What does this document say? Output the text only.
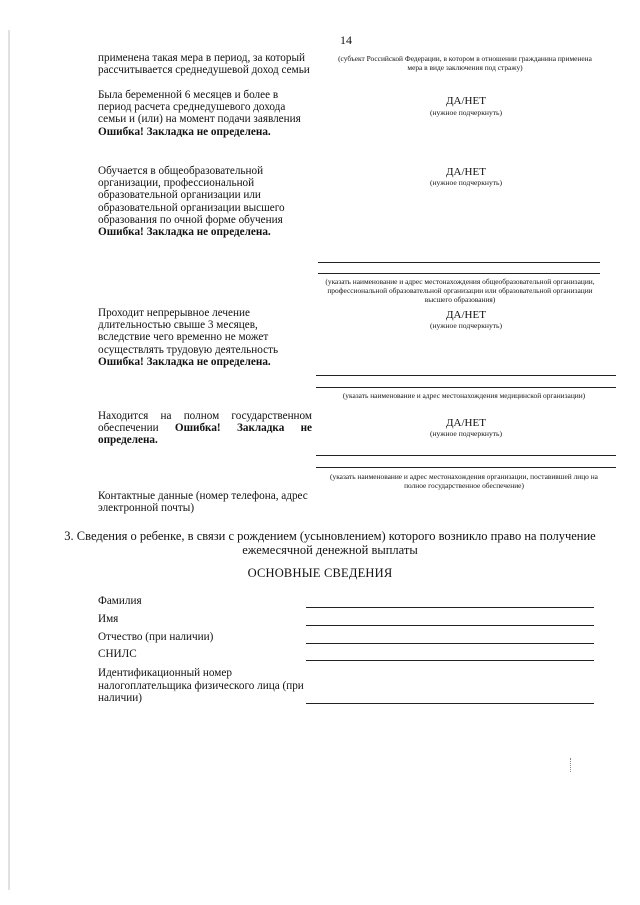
14
применена такая мера в период, за который рассчитывается среднедушевой доход семьи
(субъект Российской Федерации, в котором в отношении гражданина применена мера в виде заключения под стражу)
Была беременной 6 месяцев и более в период расчета среднедушевого дохода семьи и (или) на момент подачи заявления Ошибка! Закладка не определена.
ДА/НЕТ
(нужное подчеркнуть)
Обучается в общеобразовательной организации, профессиональной образовательной организации или образовательной организации высшего образования по очной форме обучения Ошибка! Закладка не определена.
ДА/НЕТ
(нужное подчеркнуть)
(указать наименование и адрес местонахождения общеобразовательной организации, профессиональной образовательной организации или образовательной организации высшего образования)
Проходит непрерывное лечение длительностью свыше 3 месяцев, вследствие чего временно не может осуществлять трудовую деятельность Ошибка! Закладка не определена.
ДА/НЕТ
(нужное подчеркнуть)
(указать наименование и адрес местонахождения медицинской организации)
Находится на полном государственном обеспечении Ошибка! Закладка не определена.
ДА/НЕТ
(нужное подчеркнуть)
(указать наименование и адрес местонахождения организации, поставившей лицо на полное государственное обеспечение)
Контактные данные (номер телефона, адрес электронной почты)
3. Сведения о ребенке, в связи с рождением (усыновлением) которого возникло право на получение ежемесячной денежной выплаты
ОСНОВНЫЕ СВЕДЕНИЯ
Фамилия
Имя
Отчество (при наличии)
СНИЛС
Идентификационный номер налогоплательщика физического лица (при наличии)
